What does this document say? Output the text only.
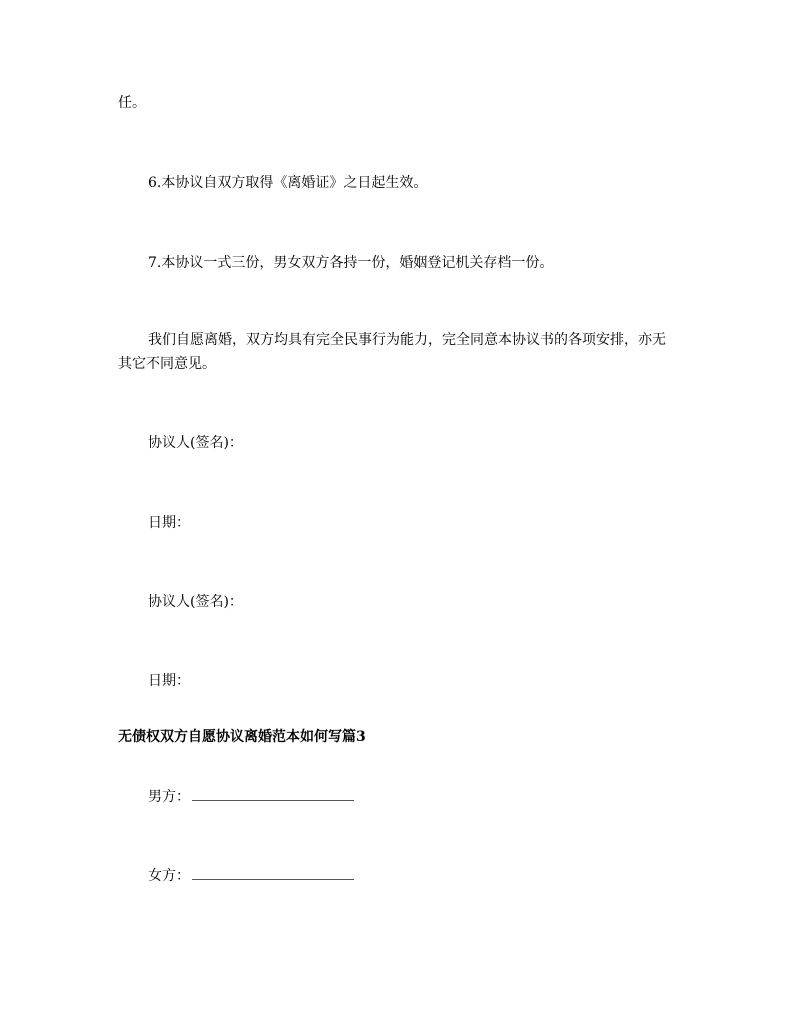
任。
6.本协议自双方取得《离婚证》之日起生效。
7.本协议一式三份，男女双方各持一份，婚姻登记机关存档一份。
我们自愿离婚，双方均具有完全民事行为能力，完全同意本协议书的各项安排，亦无其它不同意见。
协议人(签名)：
日期：
协议人(签名)：
日期：
无债权双方自愿协议离婚范本如何写篇3
男方：
女方：
